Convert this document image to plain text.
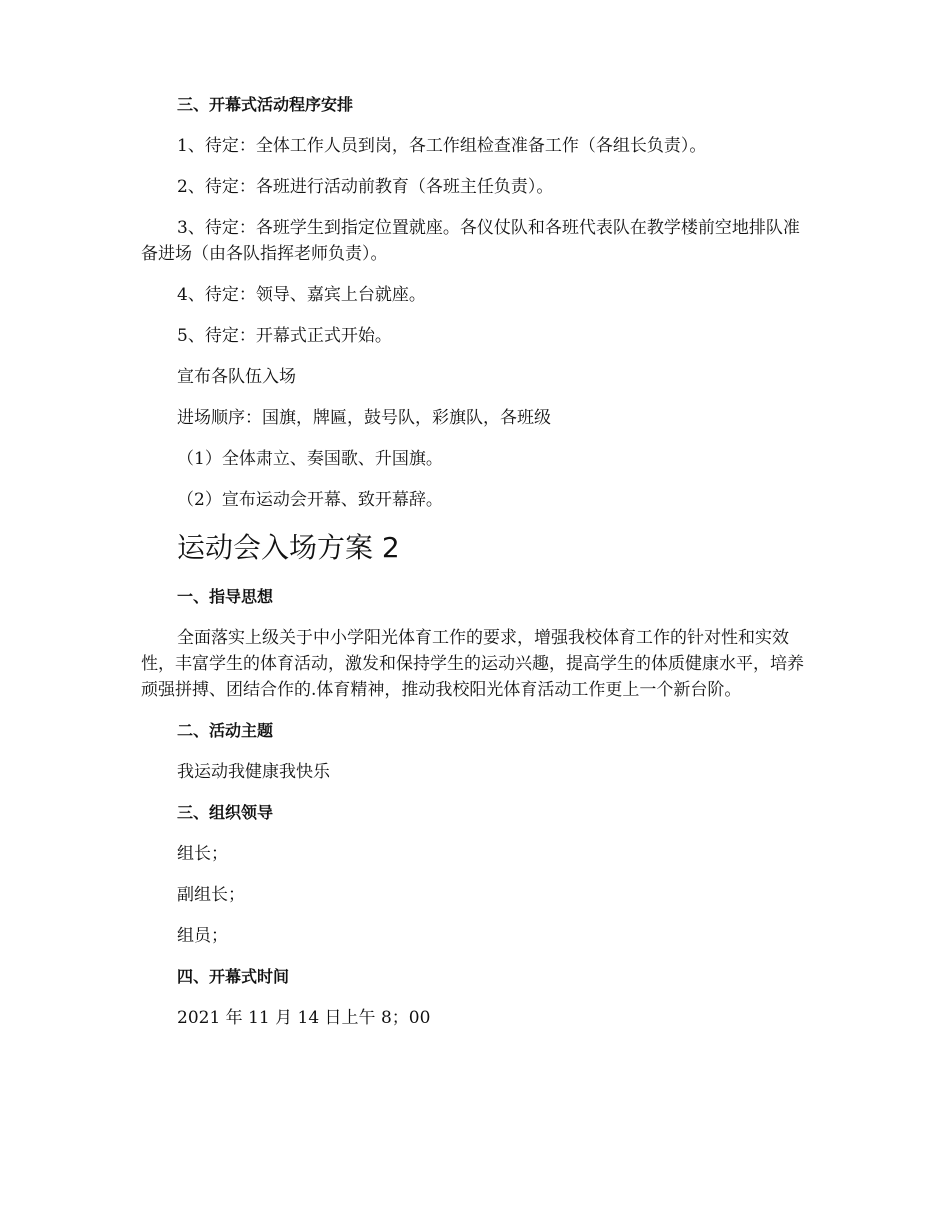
三、开幕式活动程序安排

1、待定：全体工作人员到岗，各工作组检查准备工作（各组长负责）。

2、待定：各班进行活动前教育（各班主任负责）。

3、待定：各班学生到指定位置就座。各仪仗队和各班代表队在教学楼前空地排队准备进场（由各队指挥老师负责）。

4、待定：领导、嘉宾上台就座。

5、待定：开幕式正式开始。

宣布各队伍入场

进场顺序：国旗，牌匾，鼓号队，彩旗队，各班级

（1）全体肃立、奏国歌、升国旗。

（2）宣布运动会开幕、致开幕辞。

运动会入场方案 2

一、指导思想

全面落实上级关于中小学阳光体育工作的要求，增强我校体育工作的针对性和实效性，丰富学生的体育活动，激发和保持学生的运动兴趣，提高学生的体质健康水平，培养顽强拼搏、团结合作的.体育精神，推动我校阳光体育活动工作更上一个新台阶。

二、活动主题

我运动我健康我快乐

三、组织领导

组长；

副组长；

组员；

四、开幕式时间

2021 年 11 月 14 日上午 8；00
